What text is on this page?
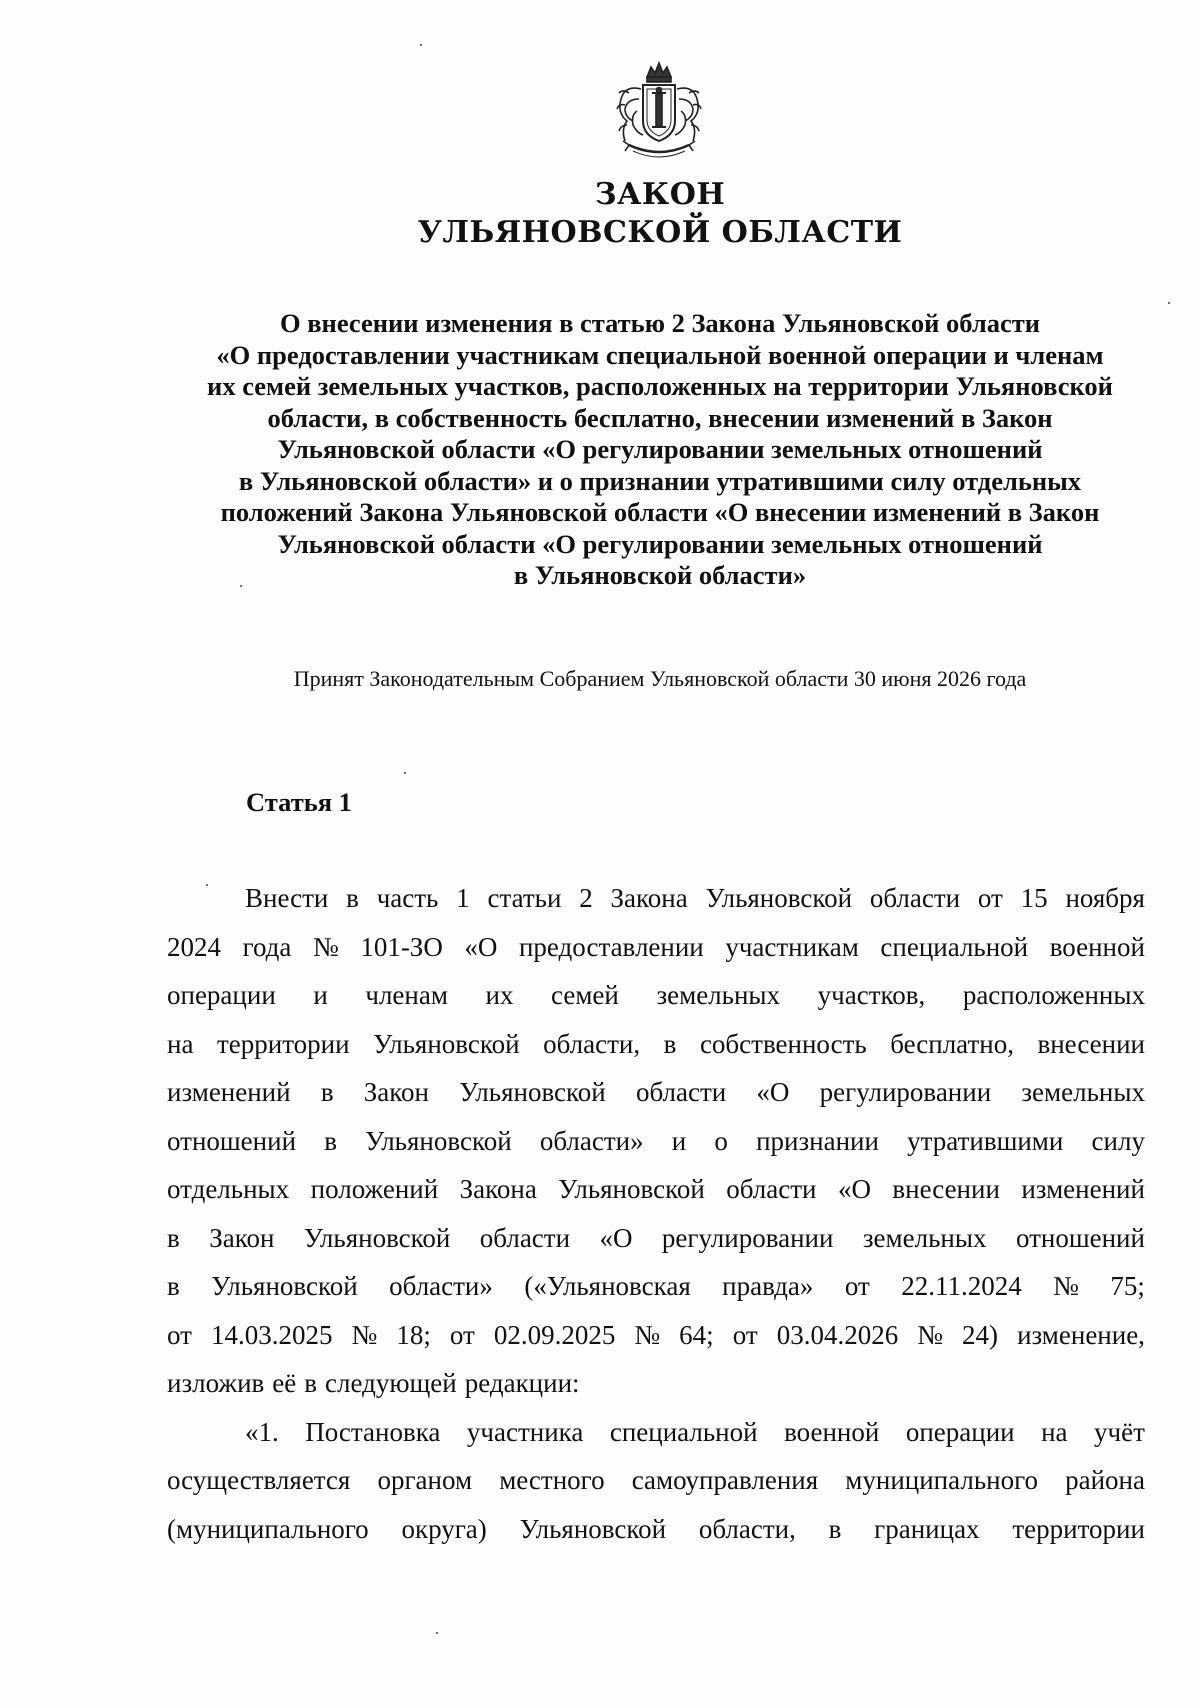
ЗАКОН
УЛЬЯНОВСКОЙ ОБЛАСТИ
О внесении изменения в статью 2 Закона Ульяновской области
«О предоставлении участникам специальной военной операции и членам
их семей земельных участков, расположенных на территории Ульяновской
области, в собственность бесплатно, внесении изменений в Закон
Ульяновской области «О регулировании земельных отношений
в Ульяновской области» и о признании утратившими силу отдельных
положений Закона Ульяновской области «О внесении изменений в Закон
Ульяновской области «О регулировании земельных отношений
в Ульяновской области»
Принят Законодательным Собранием Ульяновской области 30 июня 2026 года
Статья 1
Внести в часть 1 статьи 2 Закона Ульяновской области от 15 ноября
2024 года № 101-ЗО «О предоставлении участникам специальной военной
операции и членам их семей земельных участков, расположенных
на территории Ульяновской области, в собственность бесплатно, внесении
изменений в Закон Ульяновской области «О регулировании земельных
отношений в Ульяновской области» и о признании утратившими силу
отдельных положений Закона Ульяновской области «О внесении изменений
в Закон Ульяновской области «О регулировании земельных отношений
в Ульяновской области» («Ульяновская правда» от 22.11.2024 № 75;
от 14.03.2025 № 18; от 02.09.2025 № 64; от 03.04.2026 № 24) изменение,
изложив её в следующей редакции:
«1. Постановка участника специальной военной операции на учёт
осуществляется органом местного самоуправления муниципального района
(муниципального округа) Ульяновской области, в границах территории
